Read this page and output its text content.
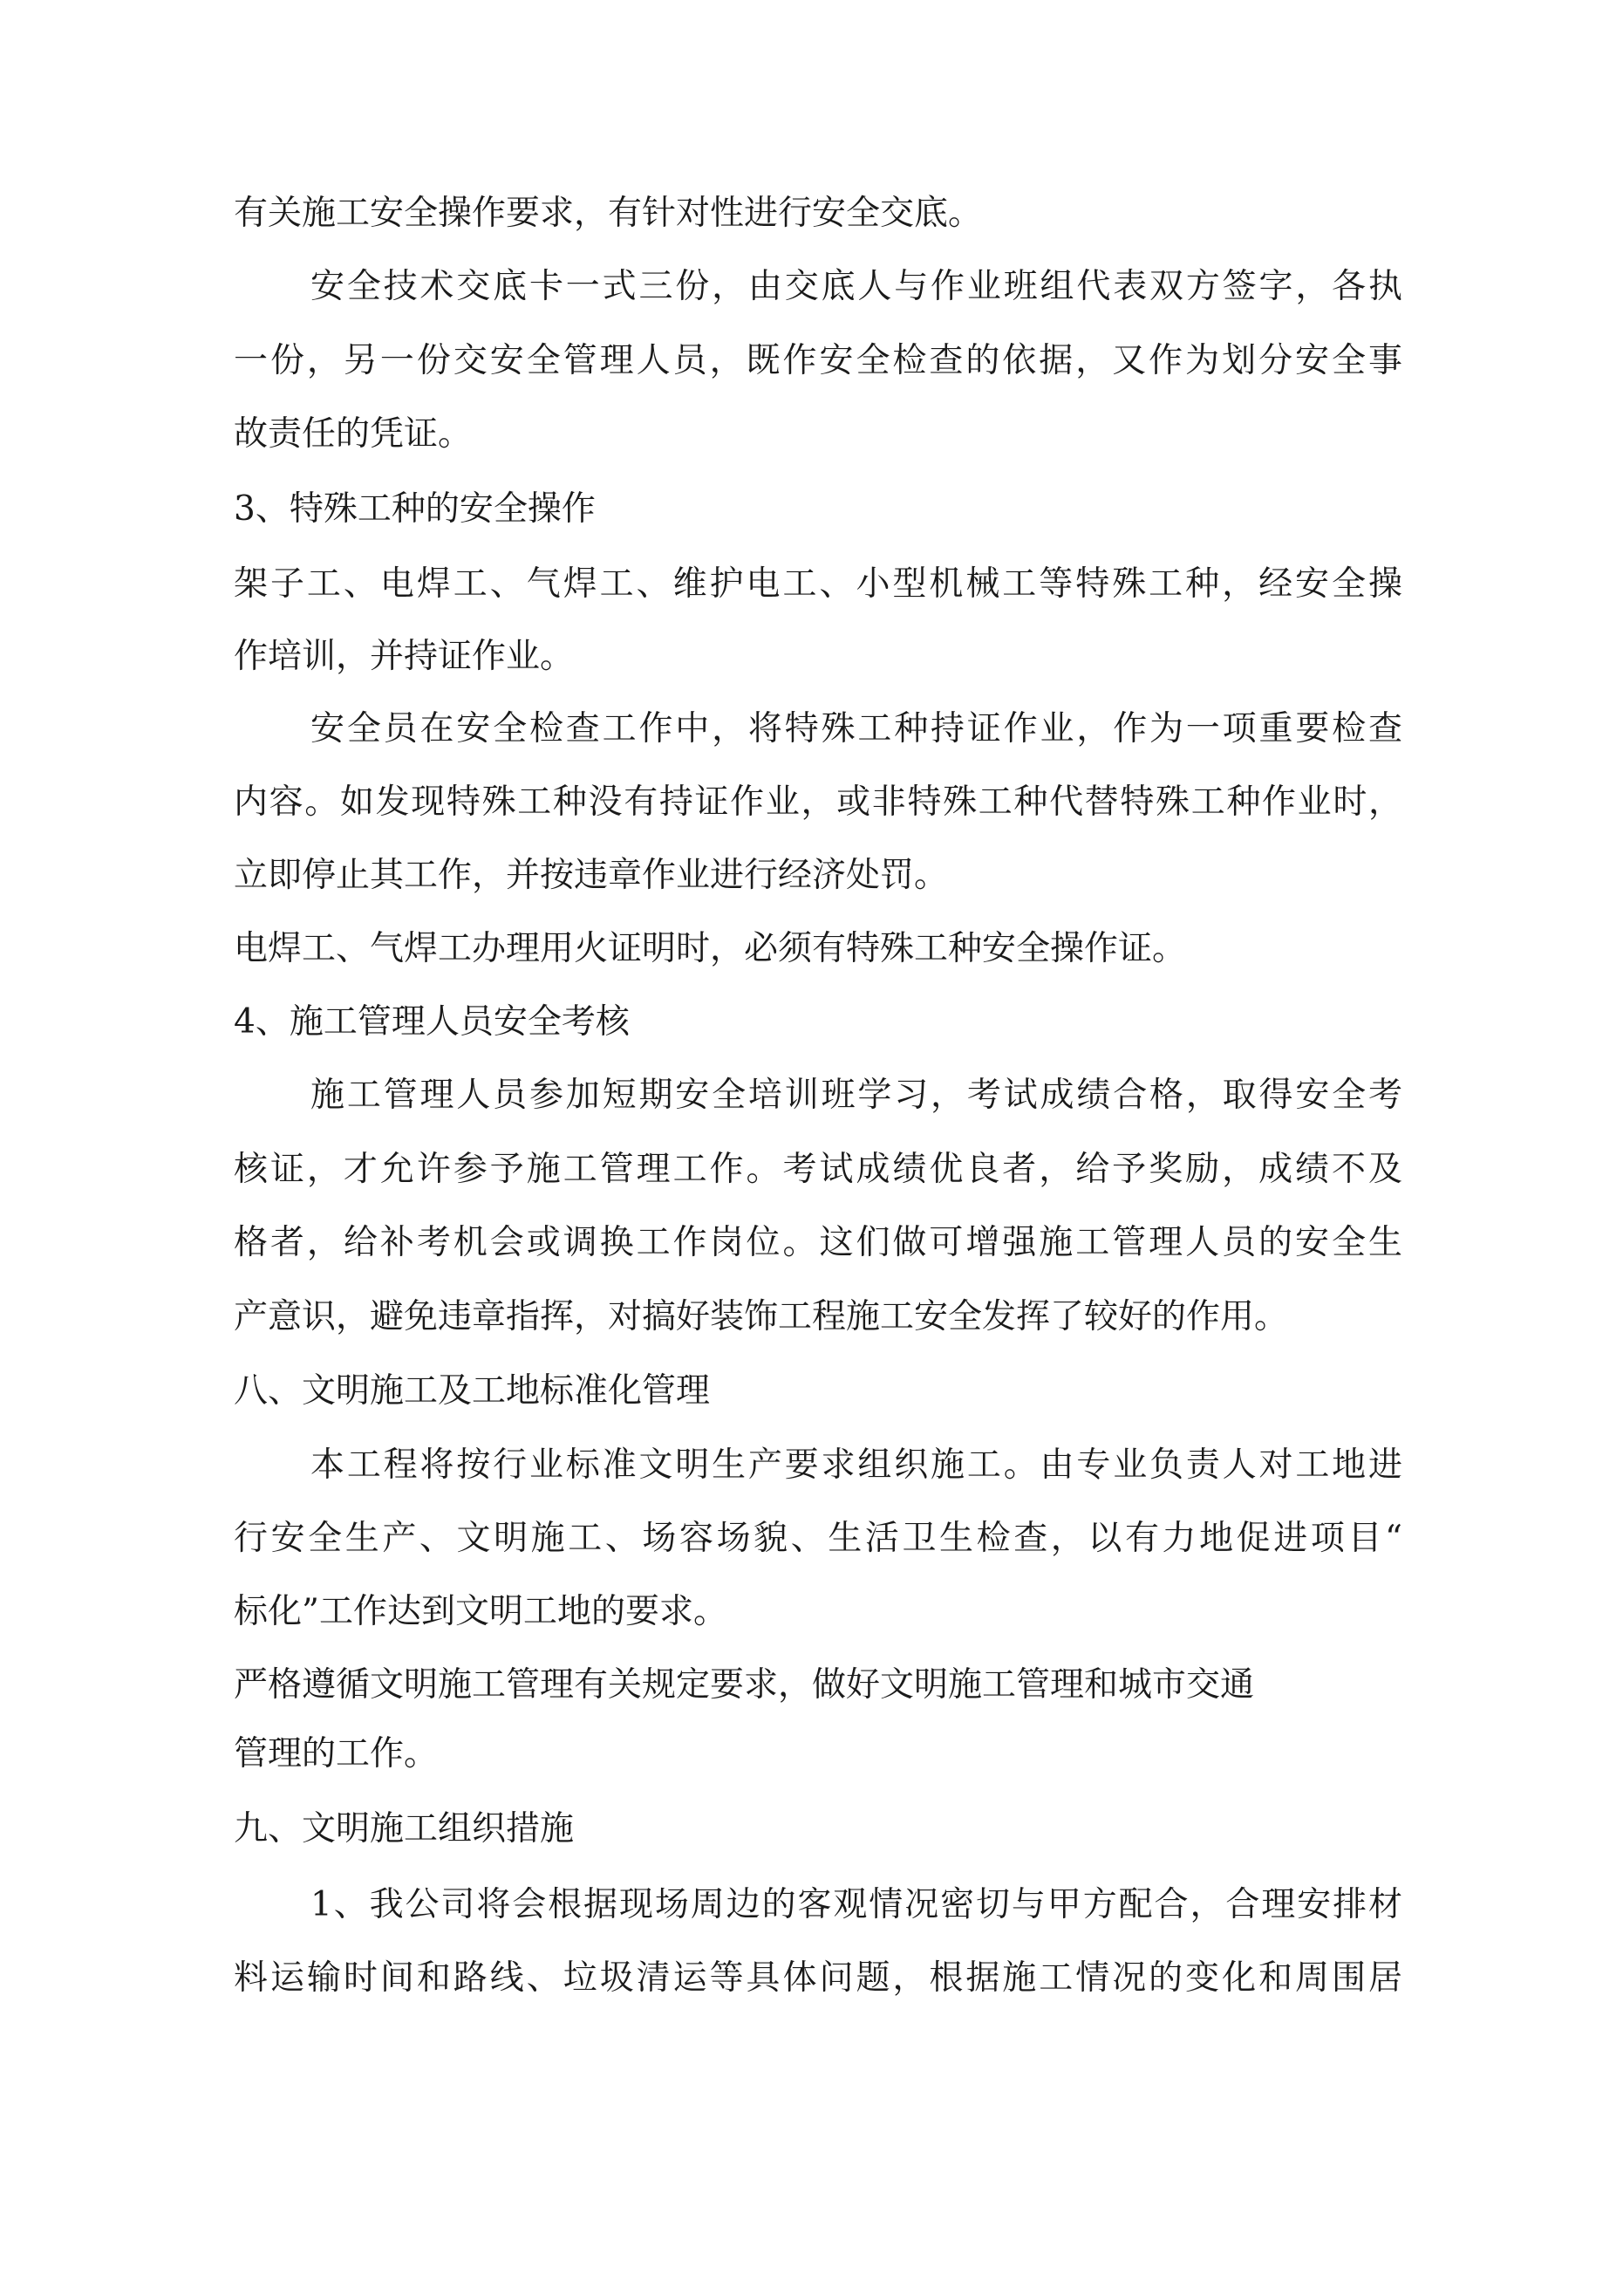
有关施工安全操作要求，有针对性进行安全交底。

安全技术交底卡一式三份，由交底人与作业班组代表双方签字，各执

一份，另一份交安全管理人员，既作安全检查的依据，又作为划分安全事

故责任的凭证。

3、特殊工种的安全操作

架子工、电焊工、气焊工、维护电工、小型机械工等特殊工种，经安全操

作培训，并持证作业。

安全员在安全检查工作中，将特殊工种持证作业，作为一项重要检查

内容。如发现特殊工种没有持证作业，或非特殊工种代替特殊工种作业时，

立即停止其工作，并按违章作业进行经济处罚。

电焊工、气焊工办理用火证明时，必须有特殊工种安全操作证。

4、施工管理人员安全考核

施工管理人员参加短期安全培训班学习，考试成绩合格，取得安全考

核证，才允许参予施工管理工作。考试成绩优良者，给予奖励，成绩不及

格者，给补考机会或调换工作岗位。这们做可增强施工管理人员的安全生

产意识，避免违章指挥，对搞好装饰工程施工安全发挥了较好的作用。

八、文明施工及工地标准化管理

本工程将按行业标准文明生产要求组织施工。由专业负责人对工地进

行安全生产、文明施工、场容场貌、生活卫生检查，以有力地促进项目“

标化”工作达到文明工地的要求。

严格遵循文明施工管理有关规定要求，做好文明施工管理和城市交通

管理的工作。

九、文明施工组织措施

1、我公司将会根据现场周边的客观情况密切与甲方配合，合理安排材

料运输时间和路线、垃圾清运等具体问题，根据施工情况的变化和周围居
